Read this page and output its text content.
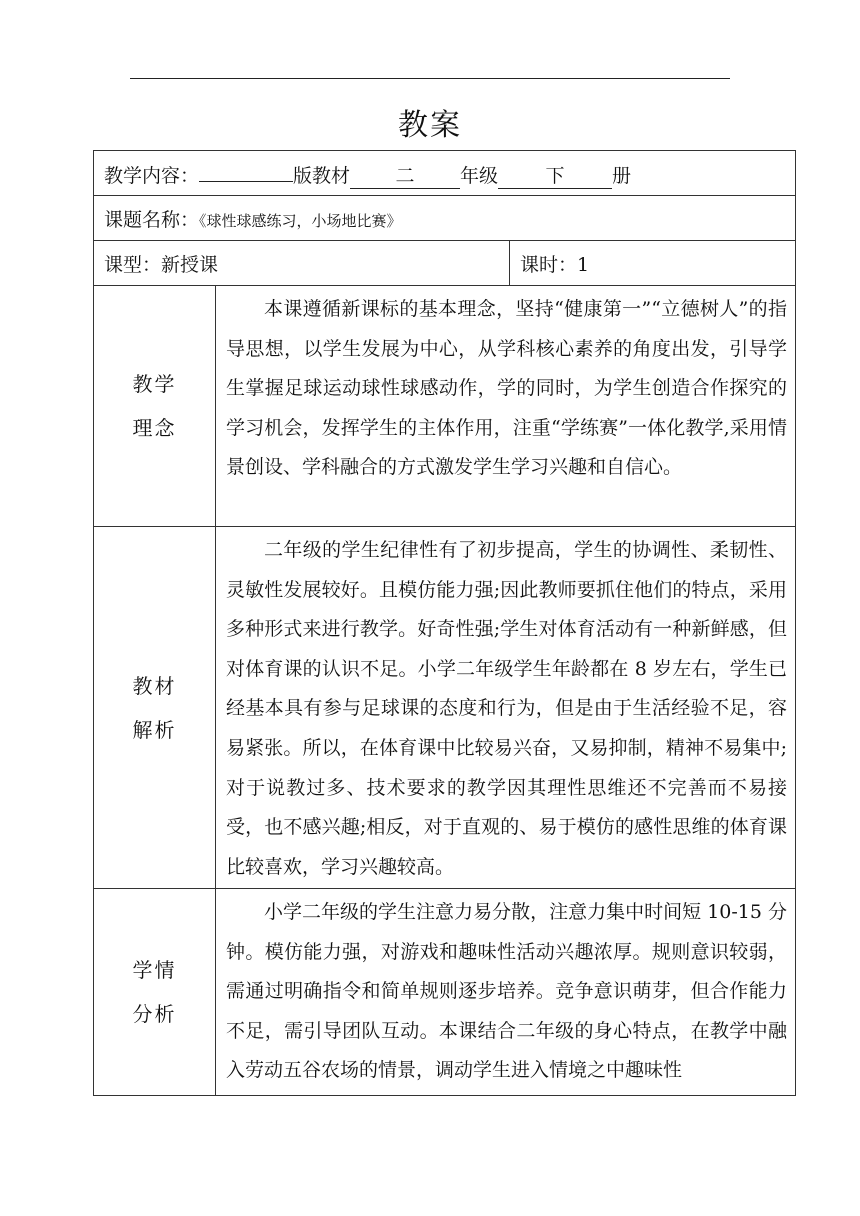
教案
教学内容： 版教材 二 年级 下 册		
课题名称：《球性球感练习，小场地比赛》		
课型：新授课		课时：1

教学
理念	本课遵循新课标的基本理念，坚持“健康第一”“立德树人”的指导思想，以学生发展为中心，从学科核心素养的角度出发，引导学生掌握足球运动球性球感动作，学的同时，为学生创造合作探究的学习机会，发挥学生的主体作用，注重“学练赛”一体化教学,采用情景创设、学科融合的方式激发学生学习兴趣和自信心。	

教材
解析	二年级的学生纪律性有了初步提高，学生的协调性、柔韧性、灵敏性发展较好。且模仿能力强;因此教师要抓住他们的特点，采用多种形式来进行教学。好奇性强;学生对体育活动有一种新鲜感，但对体育课的认识不足。小学二年级学生年龄都在 8 岁左右，学生已经基本具有参与足球课的态度和行为，但是由于生活经验不足，容易紧张。所以，在体育课中比较易兴奋，又易抑制，精神不易集中;对于说教过多、技术要求的教学因其理性思维还不完善而不易接受，也不感兴趣;相反，对于直观的、易于模仿的感性思维的体育课比较喜欢，学习兴趣较高。	

学情
分析	小学二年级的学生注意力易分散，注意力集中时间短 10-15 分钟。模仿能力强，对游戏和趣味性活动兴趣浓厚。规则意识较弱，需通过明确指令和简单规则逐步培养。竞争意识萌芽，但合作能力不足，需引导团队互动。本课结合二年级的身心特点，在教学中融入劳动五谷农场的情景，调动学生进入情境之中趣味性	
